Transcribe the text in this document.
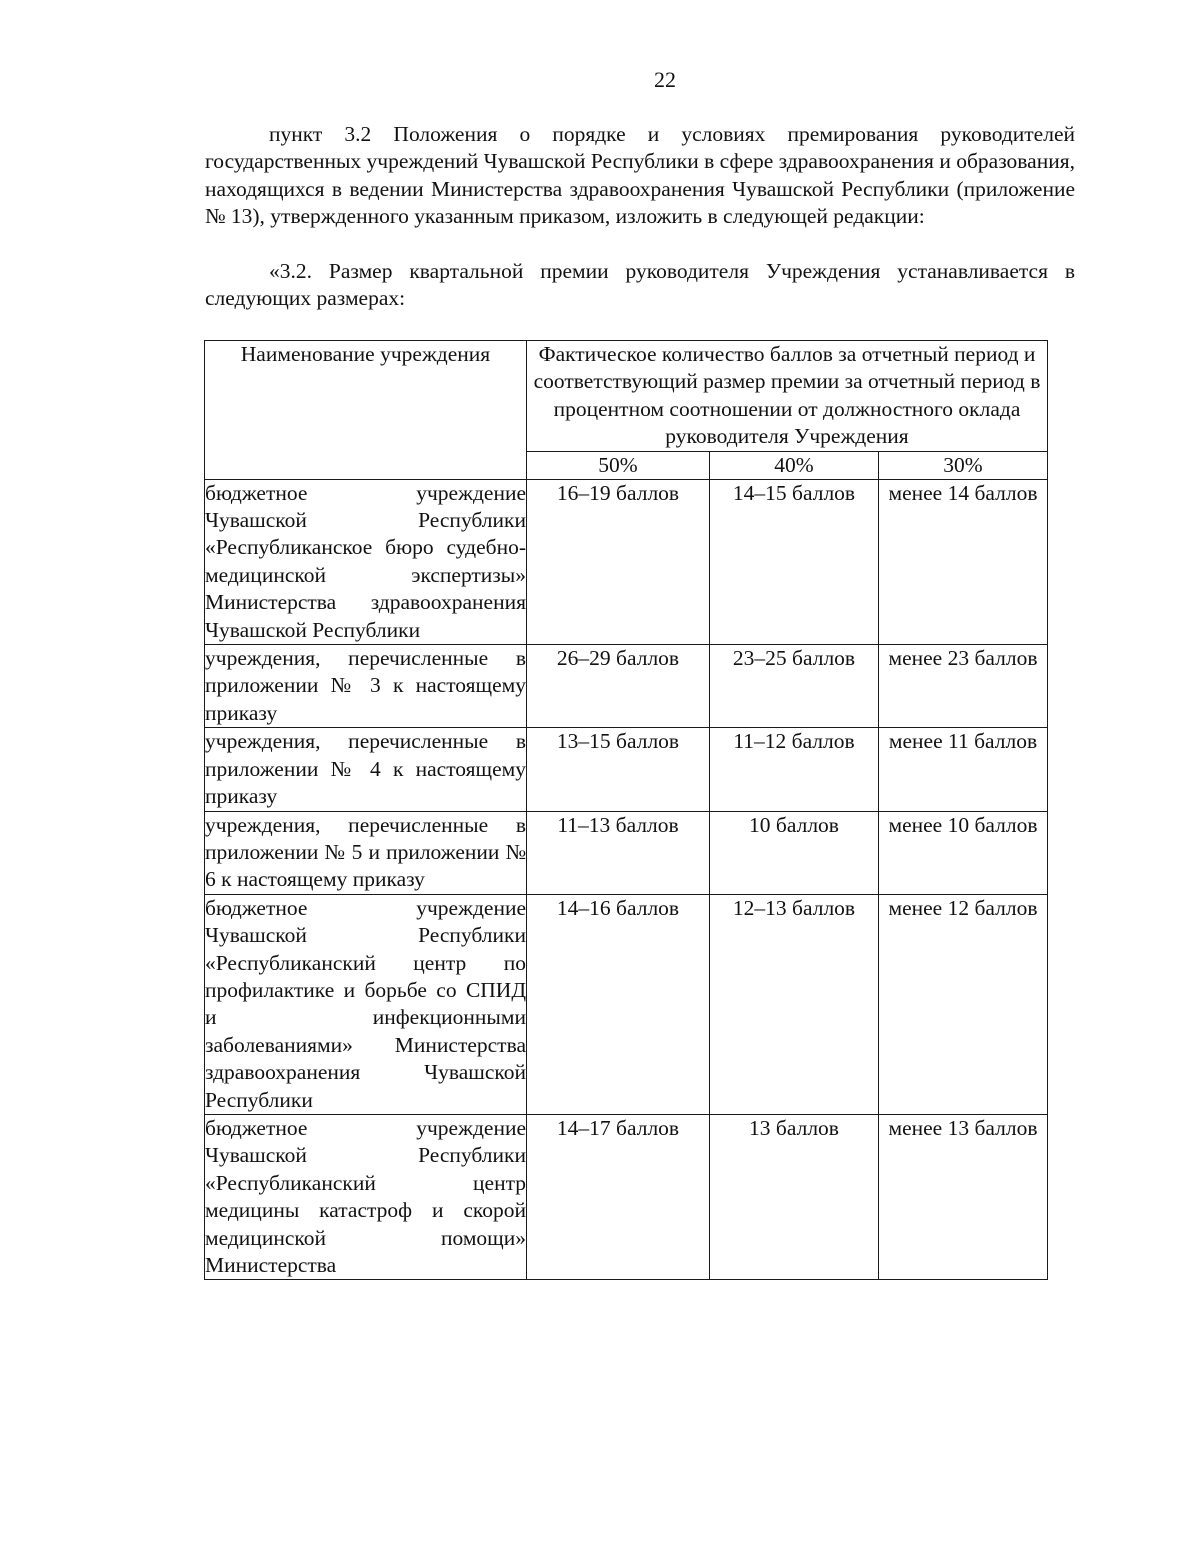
22

пункт 3.2 Положения о порядке и условиях премирования руководителей государственных учреждений Чувашской Республики в сфере здравоохранения и образования, находящихся в ведении Министерства здравоохранения Чувашской Республики (приложение № 13), утвержденного указанным приказом, изложить в следующей редакции:

«3.2. Размер квартальной премии руководителя Учреждения устанавливается в следующих размерах:

Наименование учреждения	Фактическое количество баллов за отчетный период и соответствующий размер премии за отчетный период в процентном соотношении от должностного оклада руководителя Учреждения		
	50%	40%	30%
бюджетное учреждение Чувашской Республики «Республиканское бюро судебно-медицинской экспертизы» Министерства здравоохранения Чувашской Республики	16–19 баллов	14–15 баллов	менее 14 баллов
учреждения, перечисленные в приложении № 3 к настоящему приказу	26–29 баллов	23–25 баллов	менее 23 баллов
учреждения, перечисленные в приложении № 4 к настоящему приказу	13–15 баллов	11–12 баллов	менее 11 баллов
учреждения, перечисленные в приложении № 5 и приложении № 6 к настоящему приказу	11–13 баллов	10 баллов	менее 10 баллов
бюджетное учреждение Чувашской Республики «Республиканский центр по профилактике и борьбе со СПИД и инфекционными заболеваниями» Министерства здравоохранения Чувашской Республики	14–16 баллов	12–13 баллов	менее 12 баллов
бюджетное учреждение Чувашской Республики «Республиканский центр медицины катастроф и скорой медицинской помощи» Министерства	14–17 баллов	13 баллов	менее 13 баллов
